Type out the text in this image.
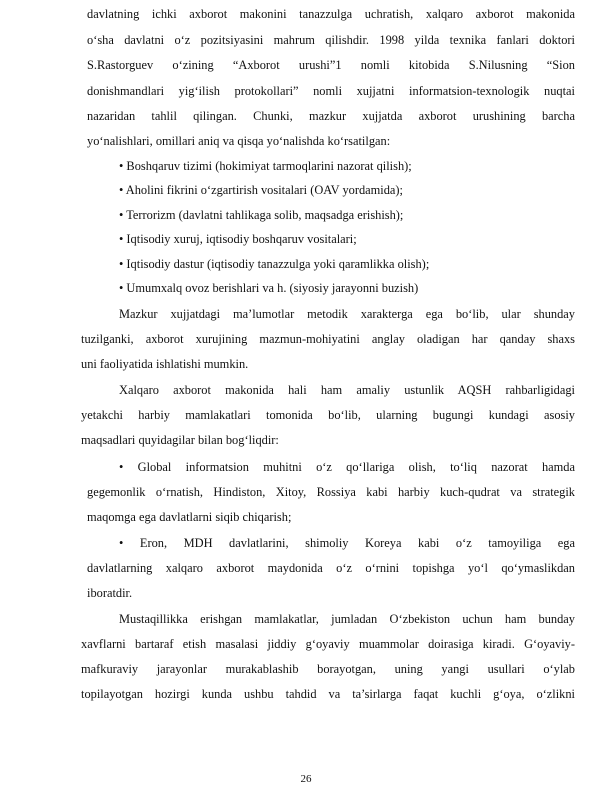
davlatning ichki axborot makonini tanazzulga uchratish, xalqaro axborot makonida
o‘sha davlatni o‘z pozitsiyasini mahrum qilishdir. 1998 yilda texnika fanlari doktori
S.Rastorguev o‘zining “Axborot urushi”1 nomli kitobida S.Nilusning “Sion
donishmandlari yig‘ilish protokollari” nomli xujjatni informatsion-texnologik nuqtai
nazaridan tahlil qilingan. Chunki, mazkur xujjatda axborot urushining barcha
yo‘nalishlari, omillari aniq va qisqa yo‘nalishda ko‘rsatilgan:
• Boshqaruv tizimi (hokimiyat tarmoqlarini nazorat qilish);
• Aholini fikrini o‘zgartirish vositalari (OAV yordamida);
• Terrorizm (davlatni tahlikaga solib, maqsadga erishish);
• Iqtisodiy xuruj, iqtisodiy boshqaruv vositalari;
• Iqtisodiy dastur (iqtisodiy tanazzulga yoki qaramlikka olish);
• Umumxalq ovoz berishlari va h. (siyosiy jarayonni buzish)
Mazkur xujjatdagi ma’lumotlar metodik xarakterga ega bo‘lib, ular shunday
tuzilganki, axborot xurujining mazmun-mohiyatini anglay oladigan har qanday shaxs
uni faoliyatida ishlatishi mumkin.
Xalqaro axborot makonida hali ham amaliy ustunlik AQSH rahbarligidagi
yetakchi harbiy mamlakatlari tomonida bo‘lib, ularning bugungi kundagi asosiy
maqsadlari quyidagilar bilan bog‘liqdir:
• Global informatsion muhitni o‘z qo‘llariga olish, to‘liq nazorat hamda
gegemonlik o‘rnatish, Hindiston, Xitoy, Rossiya kabi harbiy kuch-qudrat va strategik
maqomga ega davlatlarni siqib chiqarish;
• Eron, MDH davlatlarini, shimoliy Koreya kabi o‘z tamoyiliga ega
davlatlarning xalqaro axborot maydonida o‘z o‘rnini topishga yo‘l qo‘ymaslikdan
iboratdir.
Mustaqillikka erishgan mamlakatlar, jumladan O‘zbekiston uchun ham bunday
xavflarni bartaraf etish masalasi jiddiy g‘oyaviy muammolar doirasiga kiradi. G‘oyaviy-
mafkuraviy jarayonlar murakablashib borayotgan, uning yangi usullari o‘ylab
topilayotgan hozirgi kunda ushbu tahdid va ta’sirlarga faqat kuchli g‘oya, o‘zlikni
26
